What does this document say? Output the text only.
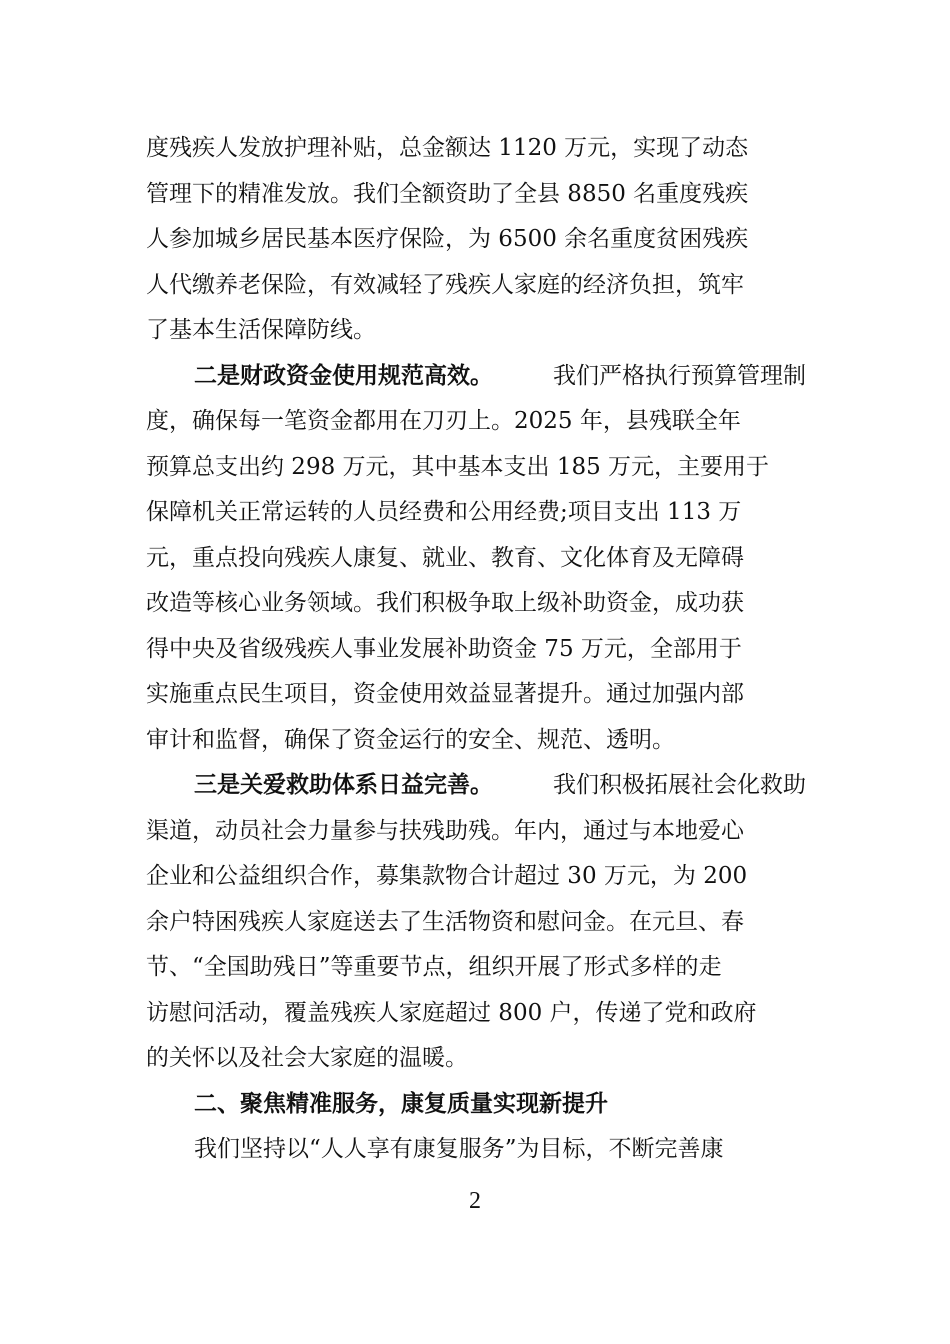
度残疾人发放护理补贴，总金额达 1120 万元，实现了动态
管理下的精准发放。我们全额资助了全县 8850 名重度残疾
人参加城乡居民基本医疗保险，为 6500 余名重度贫困残疾
人代缴养老保险，有效减轻了残疾人家庭的经济负担，筑牢
了基本生活保障防线。
二是财政资金使用规范高效。	我们严格执行预算管理制
度，确保每一笔资金都用在刀刃上。2025 年，县残联全年
预算总支出约 298 万元，其中基本支出 185 万元，主要用于
保障机关正常运转的人员经费和公用经费;项目支出 113 万
元，重点投向残疾人康复、就业、教育、文化体育及无障碍
改造等核心业务领域。我们积极争取上级补助资金，成功获
得中央及省级残疾人事业发展补助资金 75 万元，全部用于
实施重点民生项目，资金使用效益显著提升。通过加强内部
审计和监督，确保了资金运行的安全、规范、透明。
三是关爱救助体系日益完善。	我们积极拓展社会化救助
渠道，动员社会力量参与扶残助残。年内，通过与本地爱心
企业和公益组织合作，募集款物合计超过 30 万元，为 200
余户特困残疾人家庭送去了生活物资和慰问金。在元旦、春
节、“全国助残日”等重要节点，组织开展了形式多样的走
访慰问活动，覆盖残疾人家庭超过 800 户，传递了党和政府
的关怀以及社会大家庭的温暖。
二、聚焦精准服务，康复质量实现新提升
我们坚持以“人人享有康复服务”为目标，不断完善康
2
